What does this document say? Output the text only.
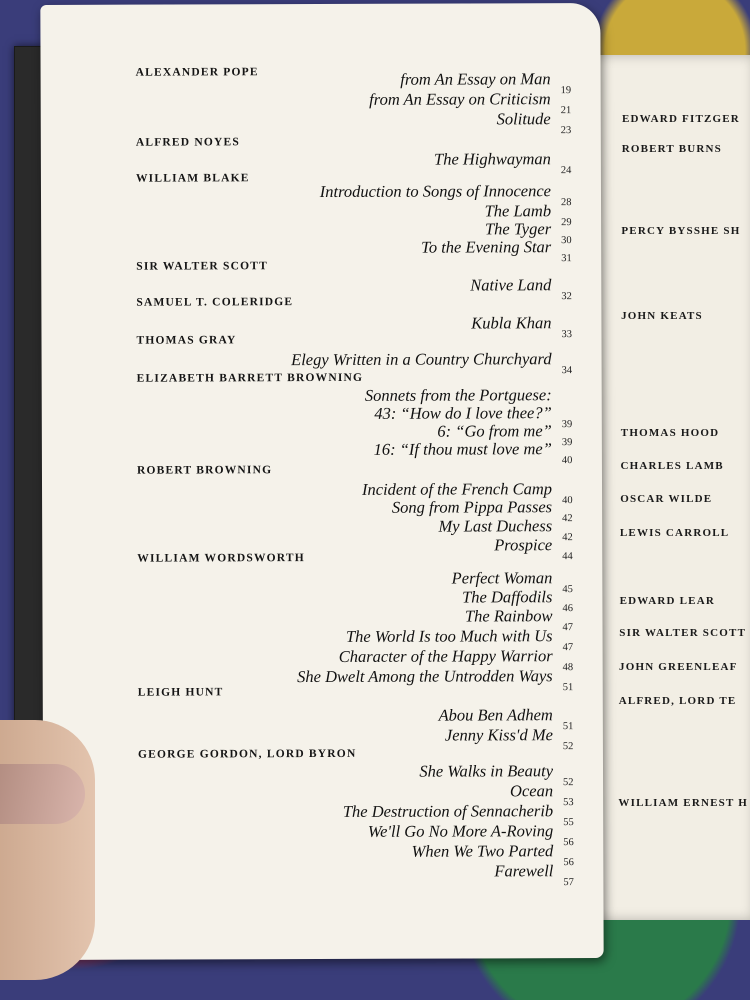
EDWARD FITZGER
ROBERT BURNS
PERCY BYSSHE SH
JOHN KEATS
THOMAS HOOD
CHARLES LAMB
OSCAR WILDE
LEWIS CARROLL
EDWARD LEAR
SIR WALTER SCOTT
JOHN GREENLEAF
ALFRED, LORD TE
WILLIAM ERNEST H
ALEXANDER POPE	from An Essay on Man
19
from An Essay on Criticism
21
Solitude
23
ALFRED NOYES
The Highwayman
24
WILLIAM BLAKE
Introduction to Songs of Innocence
28
The Lamb
29
The Tyger
30
To the Evening Star
31
SIR WALTER SCOTT
Native Land
32
SAMUEL T. COLERIDGE
Kubla Khan
33
THOMAS GRAY
Elegy Written in a Country Churchyard
34
ELIZABETH BARRETT BROWNING
Sonnets from the Portguese:
43: “How do I love thee?”
39
6: “Go from me”
39
16: “If thou must love me”
40
ROBERT BROWNING
Incident of the French Camp
40
Song from Pippa Passes
42
My Last Duchess
42
Prospice
44
WILLIAM WORDSWORTH
Perfect Woman
45
The Daffodils
46
The Rainbow
47
The World Is too Much with Us
47
Character of the Happy Warrior
48
She Dwelt Among the Untrodden Ways
51
LEIGH HUNT
Abou Ben Adhem
51
Jenny Kiss'd Me
52
GEORGE GORDON, LORD BYRON
She Walks in Beauty
52
Ocean
53
The Destruction of Sennacherib
55
We'll Go No More A-Roving
56
When We Two Parted
56
Farewell
57
